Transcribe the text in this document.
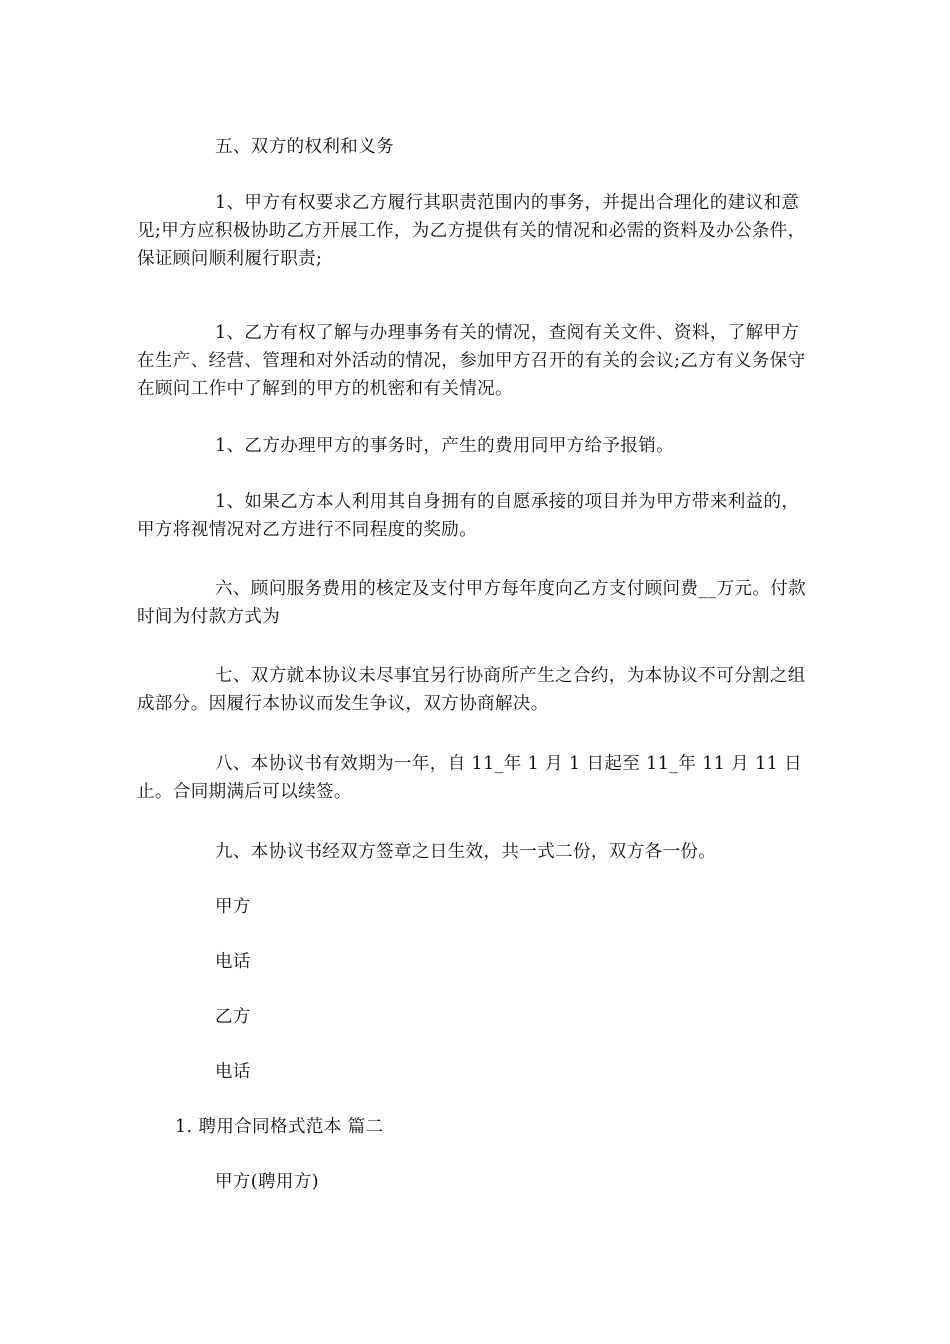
五、双方的权利和义务

1、甲方有权要求乙方履行其职责范围内的事务，并提出合理化的建议和意见;甲方应积极协助乙方开展工作，为乙方提供有关的情况和必需的资料及办公条件，保证顾问顺利履行职责;

1、乙方有权了解与办理事务有关的情况，查阅有关文件、资料，了解甲方在生产、经营、管理和对外活动的情况，参加甲方召开的有关的会议;乙方有义务保守在顾问工作中了解到的甲方的机密和有关情况。

1、乙方办理甲方的事务时，产生的费用同甲方给予报销。

1、如果乙方本人利用其自身拥有的自愿承接的项目并为甲方带来利益的，甲方将视情况对乙方进行不同程度的奖励。

六、顾问服务费用的核定及支付甲方每年度向乙方支付顾问费__万元。付款时间为付款方式为

七、双方就本协议未尽事宜另行协商所产生之合约，为本协议不可分割之组成部分。因履行本协议而发生争议，双方协商解决。

八、本协议书有效期为一年，自 11_年 1 月 1 日起至 11_年 11 月 11 日止。合同期满后可以续签。

九、本协议书经双方签章之日生效，共一式二份，双方各一份。

甲方

电话

乙方

电话

1. 聘用合同格式范本 篇二

甲方(聘用方)
